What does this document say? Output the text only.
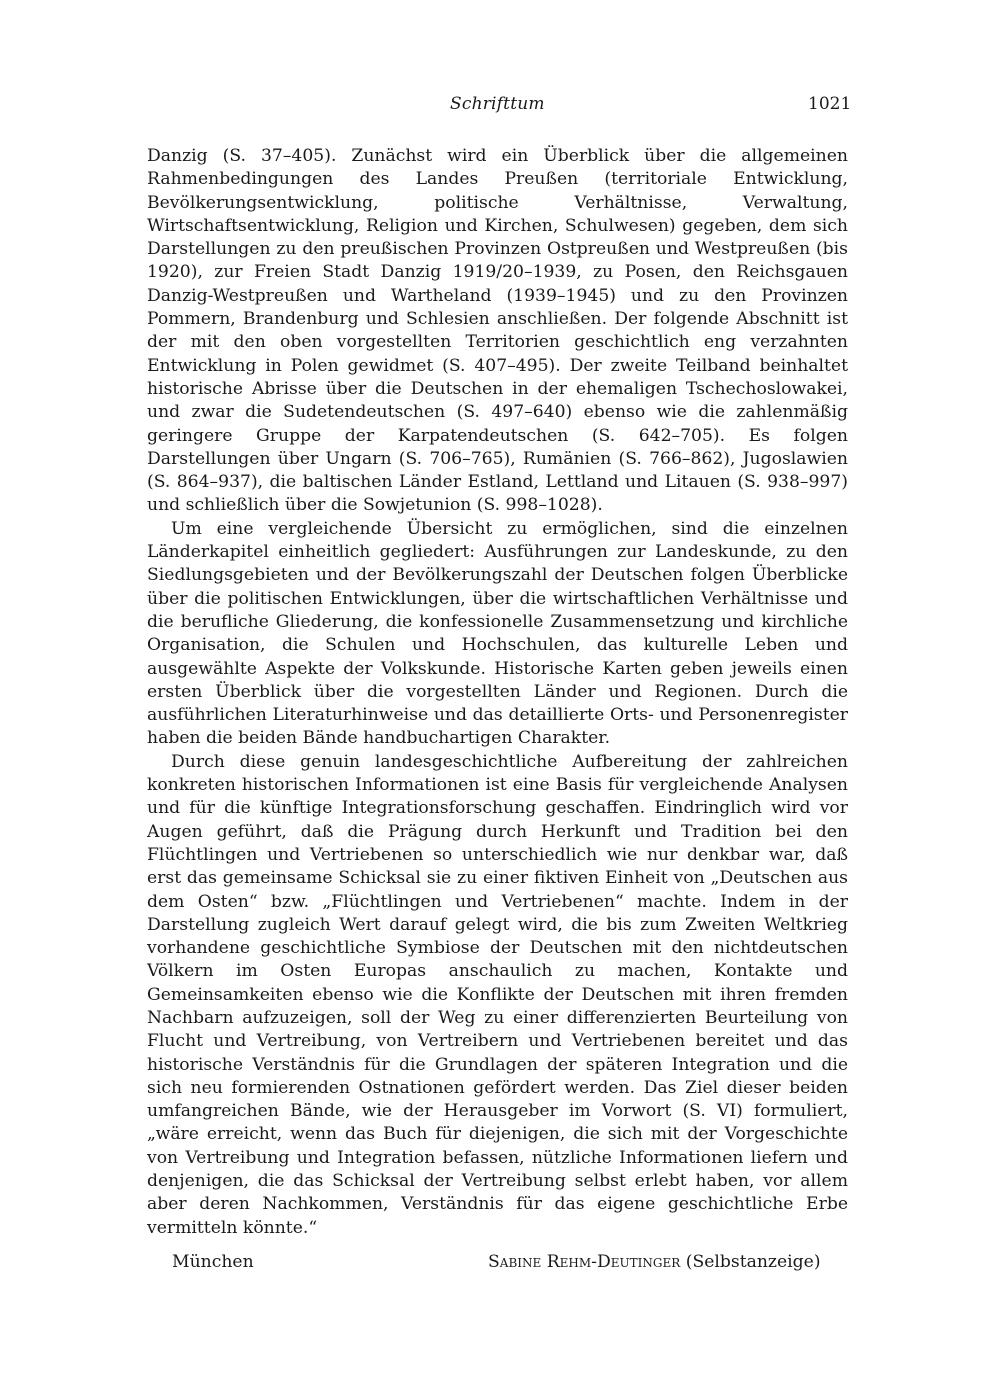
Schrifttum	1021

Danzig (S. 37–405). Zunächst wird ein Überblick über die allgemeinen Rahmenbedingungen des Landes Preußen (territoriale Entwicklung, Bevölkerungsentwicklung, politische Verhältnisse, Verwaltung, Wirtschaftsentwicklung, Religion und Kirchen, Schulwesen) gegeben, dem sich Darstellungen zu den preußischen Provinzen Ostpreußen und Westpreußen (bis 1920), zur Freien Stadt Danzig 1919/20–1939, zu Posen, den Reichsgauen Danzig-Westpreußen und Wartheland (1939–1945) und zu den Provinzen Pommern, Brandenburg und Schlesien anschließen. Der folgende Abschnitt ist der mit den oben vorgestellten Territorien geschichtlich eng verzahnten Entwicklung in Polen gewidmet (S. 407–495). Der zweite Teilband beinhaltet historische Abrisse über die Deutschen in der ehemaligen Tschechoslowakei, und zwar die Sudetendeutschen (S. 497–640) ebenso wie die zahlenmäßig geringere Gruppe der Karpatendeutschen (S. 642–705). Es folgen Darstellungen über Ungarn (S. 706–765), Rumänien (S. 766–862), Jugoslawien (S. 864–937), die baltischen Länder Estland, Lettland und Litauen (S. 938–997) und schließlich über die Sowjetunion (S. 998–1028).

Um eine vergleichende Übersicht zu ermöglichen, sind die einzelnen Länderkapitel einheitlich gegliedert: Ausführungen zur Landeskunde, zu den Siedlungsgebieten und der Bevölkerungszahl der Deutschen folgen Überblicke über die politischen Entwicklungen, über die wirtschaftlichen Verhältnisse und die berufliche Gliederung, die konfessionelle Zusammensetzung und kirchliche Organisation, die Schulen und Hochschulen, das kulturelle Leben und ausgewählte Aspekte der Volkskunde. Historische Karten geben jeweils einen ersten Überblick über die vorgestellten Länder und Regionen. Durch die ausführlichen Literaturhinweise und das detaillierte Orts- und Personenregister haben die beiden Bände handbuchartigen Charakter.

Durch diese genuin landesgeschichtliche Aufbereitung der zahlreichen konkreten historischen Informationen ist eine Basis für vergleichende Analysen und für die künftige Integrationsforschung geschaffen. Eindringlich wird vor Augen geführt, daß die Prägung durch Herkunft und Tradition bei den Flüchtlingen und Vertriebenen so unterschiedlich wie nur denkbar war, daß erst das gemeinsame Schicksal sie zu einer fiktiven Einheit von „Deutschen aus dem Osten“ bzw. „Flüchtlingen und Vertriebenen“ machte. Indem in der Darstellung zugleich Wert darauf gelegt wird, die bis zum Zweiten Weltkrieg vorhandene geschichtliche Symbiose der Deutschen mit den nichtdeutschen Völkern im Osten Europas anschaulich zu machen, Kontakte und Gemeinsamkeiten ebenso wie die Konflikte der Deutschen mit ihren fremden Nachbarn aufzuzeigen, soll der Weg zu einer differenzierten Beurteilung von Flucht und Vertreibung, von Vertreibern und Vertriebenen bereitet und das historische Verständnis für die Grundlagen der späteren Integration und die sich neu formierenden Ostnationen gefördert werden. Das Ziel dieser beiden umfangreichen Bände, wie der Herausgeber im Vorwort (S. VI) formuliert, „wäre erreicht, wenn das Buch für diejenigen, die sich mit der Vorgeschichte von Vertreibung und Integration befassen, nützliche Informationen liefern und denjenigen, die das Schicksal der Vertreibung selbst erlebt haben, vor allem aber deren Nachkommen, Verständnis für das eigene geschichtliche Erbe vermitteln könnte.“

München	Sabine Rehm-Deutinger (Selbstanzeige)
